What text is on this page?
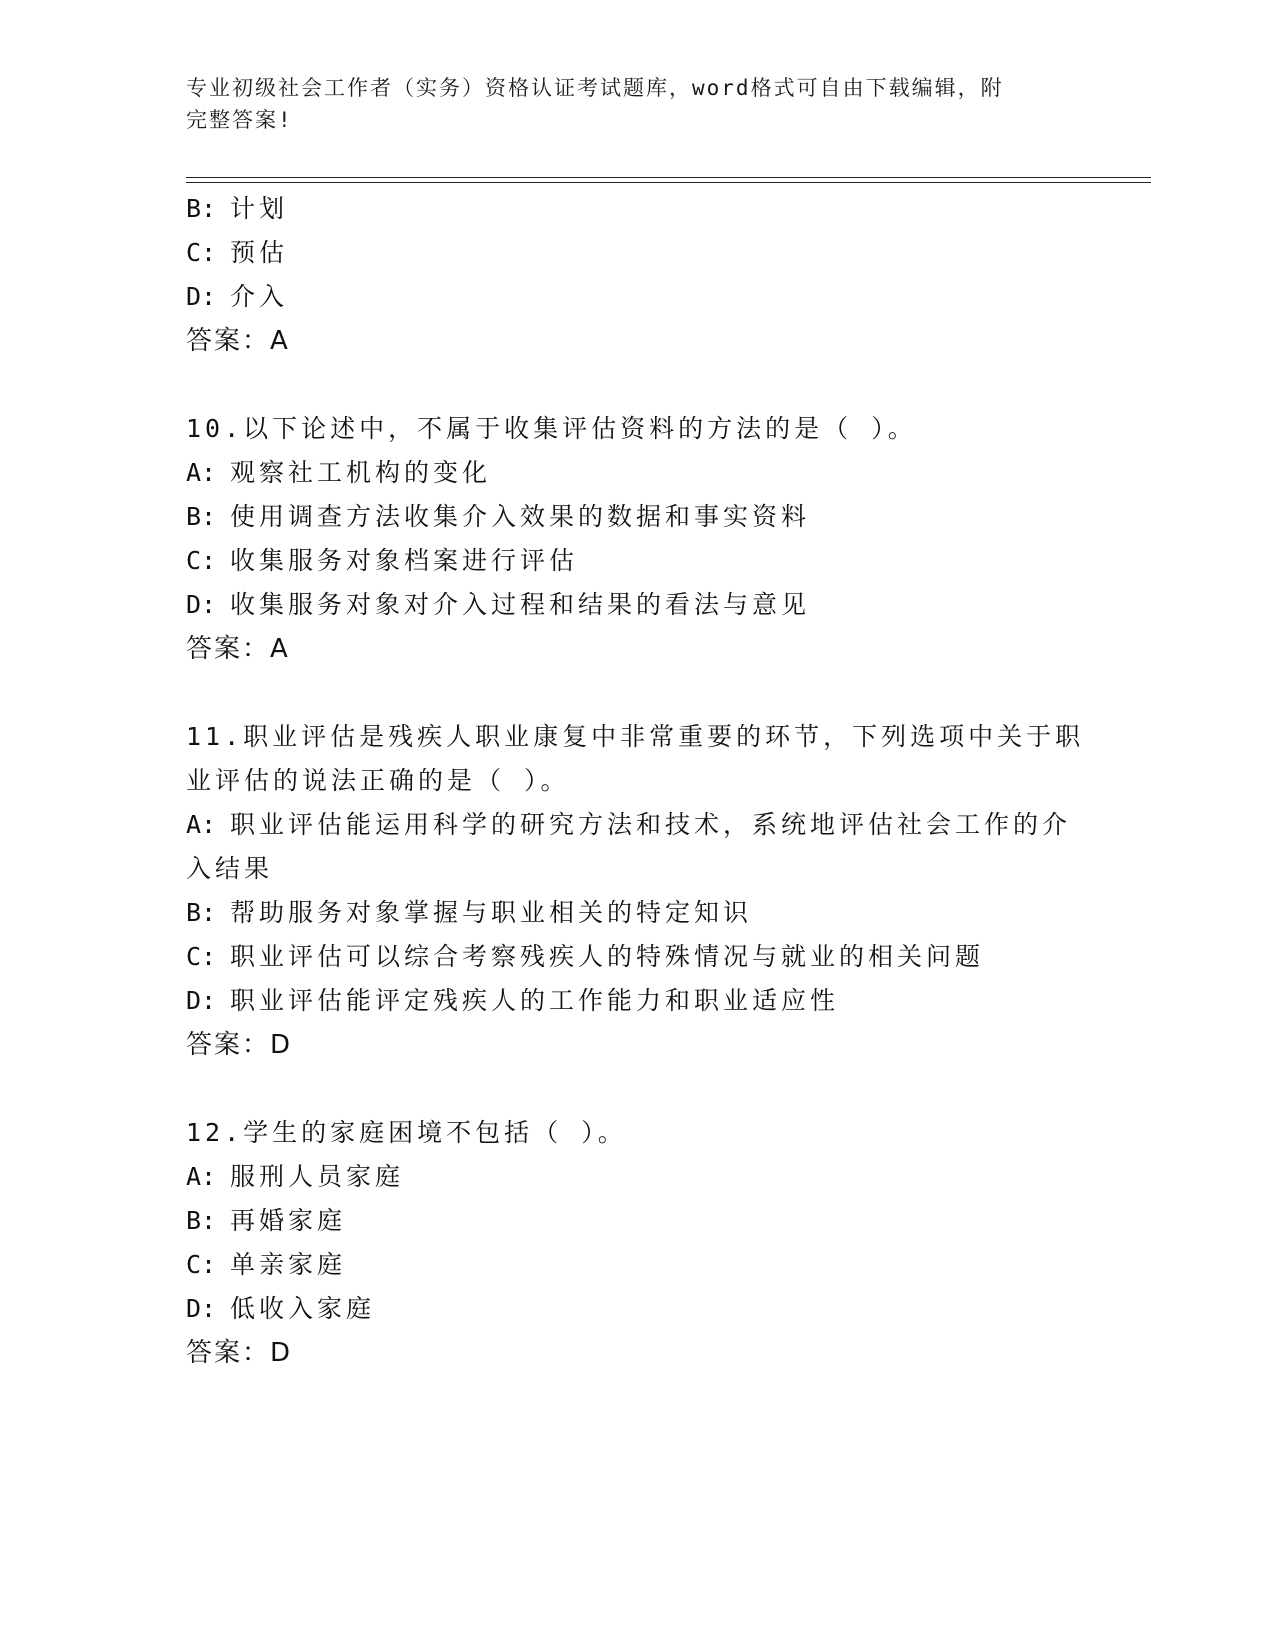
专业初级社会工作者（实务）资格认证考试题库，word格式可自由下载编辑，附
完整答案!
B: 计划
C: 预估
D: 介入
答案：A
10.以下论述中，不属于收集评估资料的方法的是（ ）。
A: 观察社工机构的变化
B: 使用调查方法收集介入效果的数据和事实资料
C: 收集服务对象档案进行评估
D: 收集服务对象对介入过程和结果的看法与意见
答案：A
11.职业评估是残疾人职业康复中非常重要的环节，下列选项中关于职
业评估的说法正确的是（ ）。
A: 职业评估能运用科学的研究方法和技术，系统地评估社会工作的介
入结果
B: 帮助服务对象掌握与职业相关的特定知识
C: 职业评估可以综合考察残疾人的特殊情况与就业的相关问题
D: 职业评估能评定残疾人的工作能力和职业适应性
答案：D
12.学生的家庭困境不包括（ ）。
A: 服刑人员家庭
B: 再婚家庭
C: 单亲家庭
D: 低收入家庭
答案：D
